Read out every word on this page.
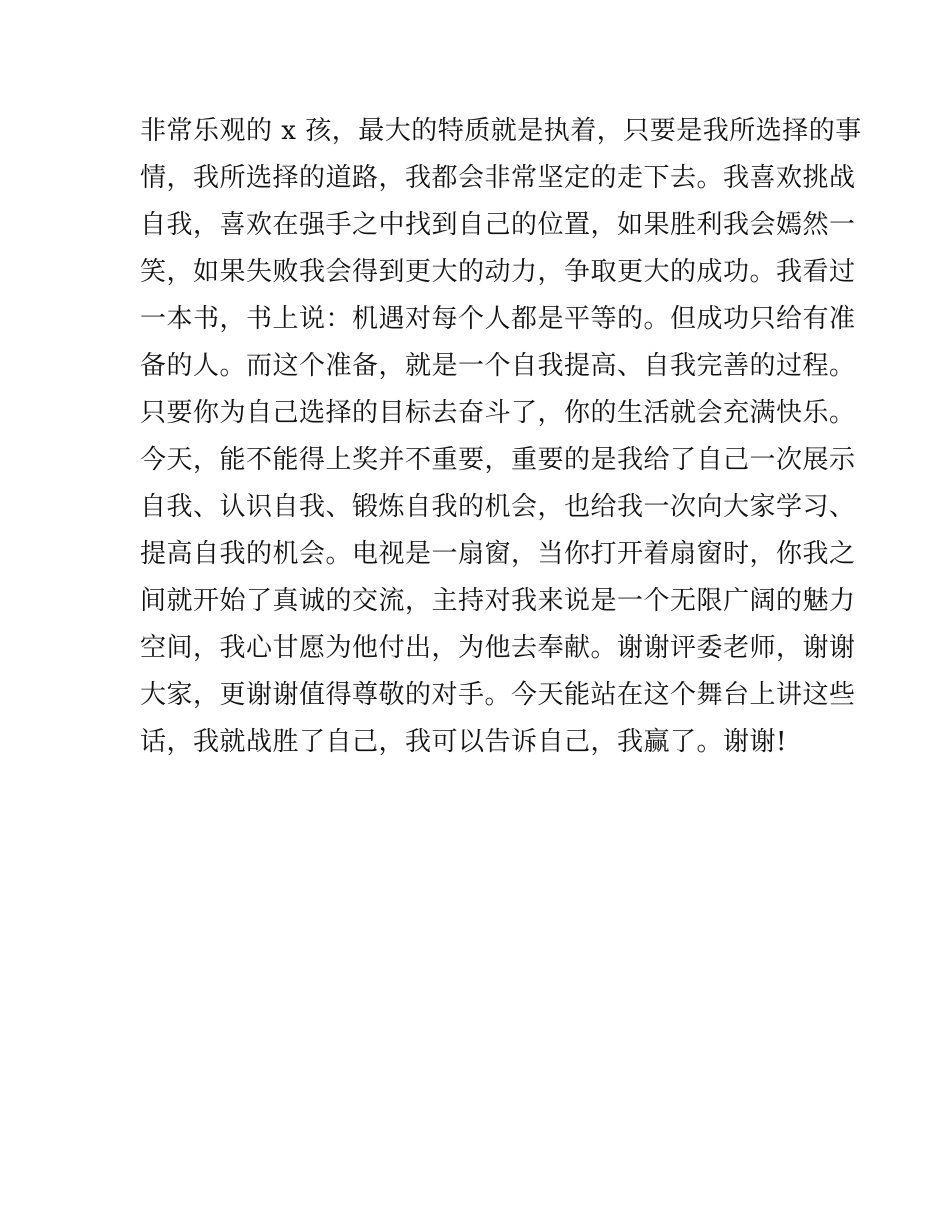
非常乐观的 x 孩，最大的特质就是执着，只要是我所选择的事
情，我所选择的道路，我都会非常坚定的走下去。我喜欢挑战
自我，喜欢在强手之中找到自己的位置，如果胜利我会嫣然一
笑，如果失败我会得到更大的动力，争取更大的成功。我看过
一本书，书上说：机遇对每个人都是平等的。但成功只给有准
备的人。而这个准备，就是一个自我提高、自我完善的过程。
只要你为自己选择的目标去奋斗了，你的生活就会充满快乐。
今天，能不能得上奖并不重要，重要的是我给了自己一次展示
自我、认识自我、锻炼自我的机会，也给我一次向大家学习、
提高自我的机会。电视是一扇窗，当你打开着扇窗时，你我之
间就开始了真诚的交流，主持对我来说是一个无限广阔的魅力
空间，我心甘愿为他付出，为他去奉献。谢谢评委老师，谢谢
大家，更谢谢值得尊敬的对手。今天能站在这个舞台上讲这些
话，我就战胜了自己，我可以告诉自己，我赢了。谢谢!
